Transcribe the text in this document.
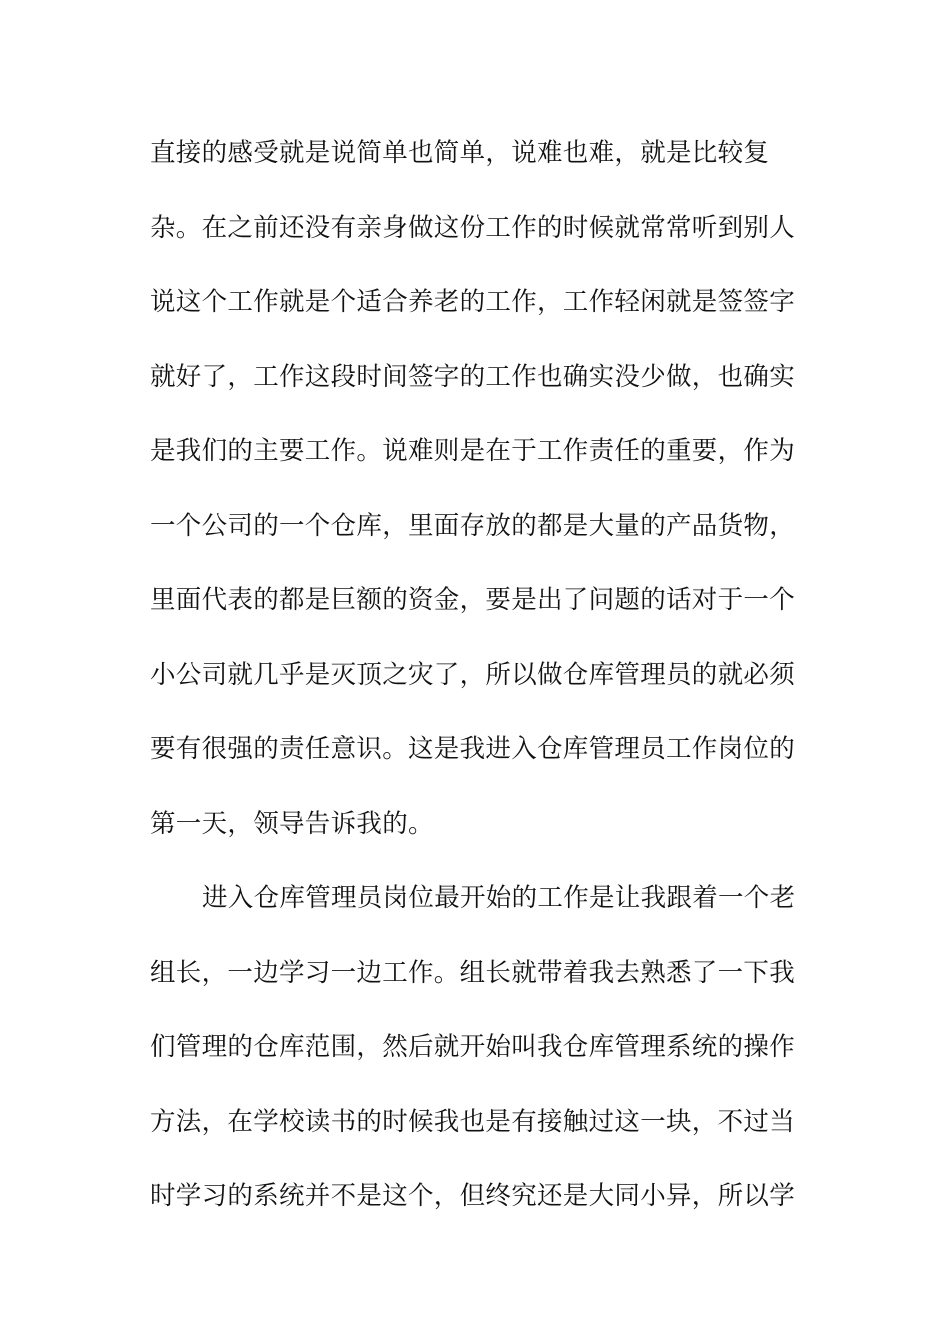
直接的感受就是说简单也简单，说难也难，就是比较复
杂。在之前还没有亲身做这份工作的时候就常常听到别人
说这个工作就是个适合养老的工作，工作轻闲就是签签字
就好了，工作这段时间签字的工作也确实没少做，也确实
是我们的主要工作。说难则是在于工作责任的重要，作为
一个公司的一个仓库，里面存放的都是大量的产品货物，
里面代表的都是巨额的资金，要是出了问题的话对于一个
小公司就几乎是灭顶之灾了，所以做仓库管理员的就必须
要有很强的责任意识。这是我进入仓库管理员工作岗位的
第一天，领导告诉我的。
进入仓库管理员岗位最开始的工作是让我跟着一个老
组长，一边学习一边工作。组长就带着我去熟悉了一下我
们管理的仓库范围，然后就开始叫我仓库管理系统的操作
方法，在学校读书的时候我也是有接触过这一块，不过当
时学习的系统并不是这个，但终究还是大同小异，所以学
